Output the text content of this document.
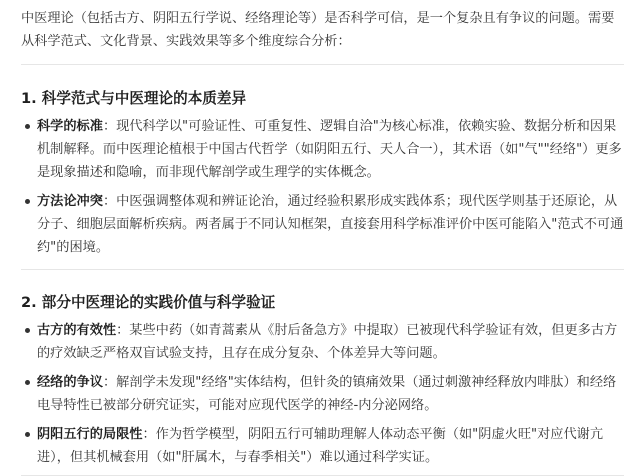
中医理论（包括古方、阴阳五行学说、经络理论等）是否科学可信，是一个复杂且有争议的问题。需要从科学范式、文化背景、实践效果等多个维度综合分析：

1. 科学范式与中医理论的本质差异
科学的标准：现代科学以"可验证性、可重复性、逻辑自洽"为核心标准，依赖实验、数据分析和因果机制解释。而中医理论植根于中国古代哲学（如阴阳五行、天人合一），其术语（如"气""经络"）更多是现象描述和隐喻，而非现代解剖学或生理学的实体概念。
方法论冲突：中医强调整体观和辨证论治，通过经验积累形成实践体系；现代医学则基于还原论，从分子、细胞层面解析疾病。两者属于不同认知框架，直接套用科学标准评价中医可能陷入"范式不可通约"的困境。
2. 部分中医理论的实践价值与科学验证
古方的有效性：某些中药（如青蒿素从《肘后备急方》中提取）已被现代科学验证有效，但更多古方的疗效缺乏严格双盲试验支持，且存在成分复杂、个体差异大等问题。
经络的争议：解剖学未发现"经络"实体结构，但针灸的镇痛效果（通过刺激神经释放内啡肽）和经络电导特性已被部分研究证实，可能对应现代医学的神经-内分泌网络。
阴阳五行的局限性：作为哲学模型，阴阳五行可辅助理解人体动态平衡（如"阴虚火旺"对应代谢亢进），但其机械套用（如"肝属木，与春季相关"）难以通过科学实证。
